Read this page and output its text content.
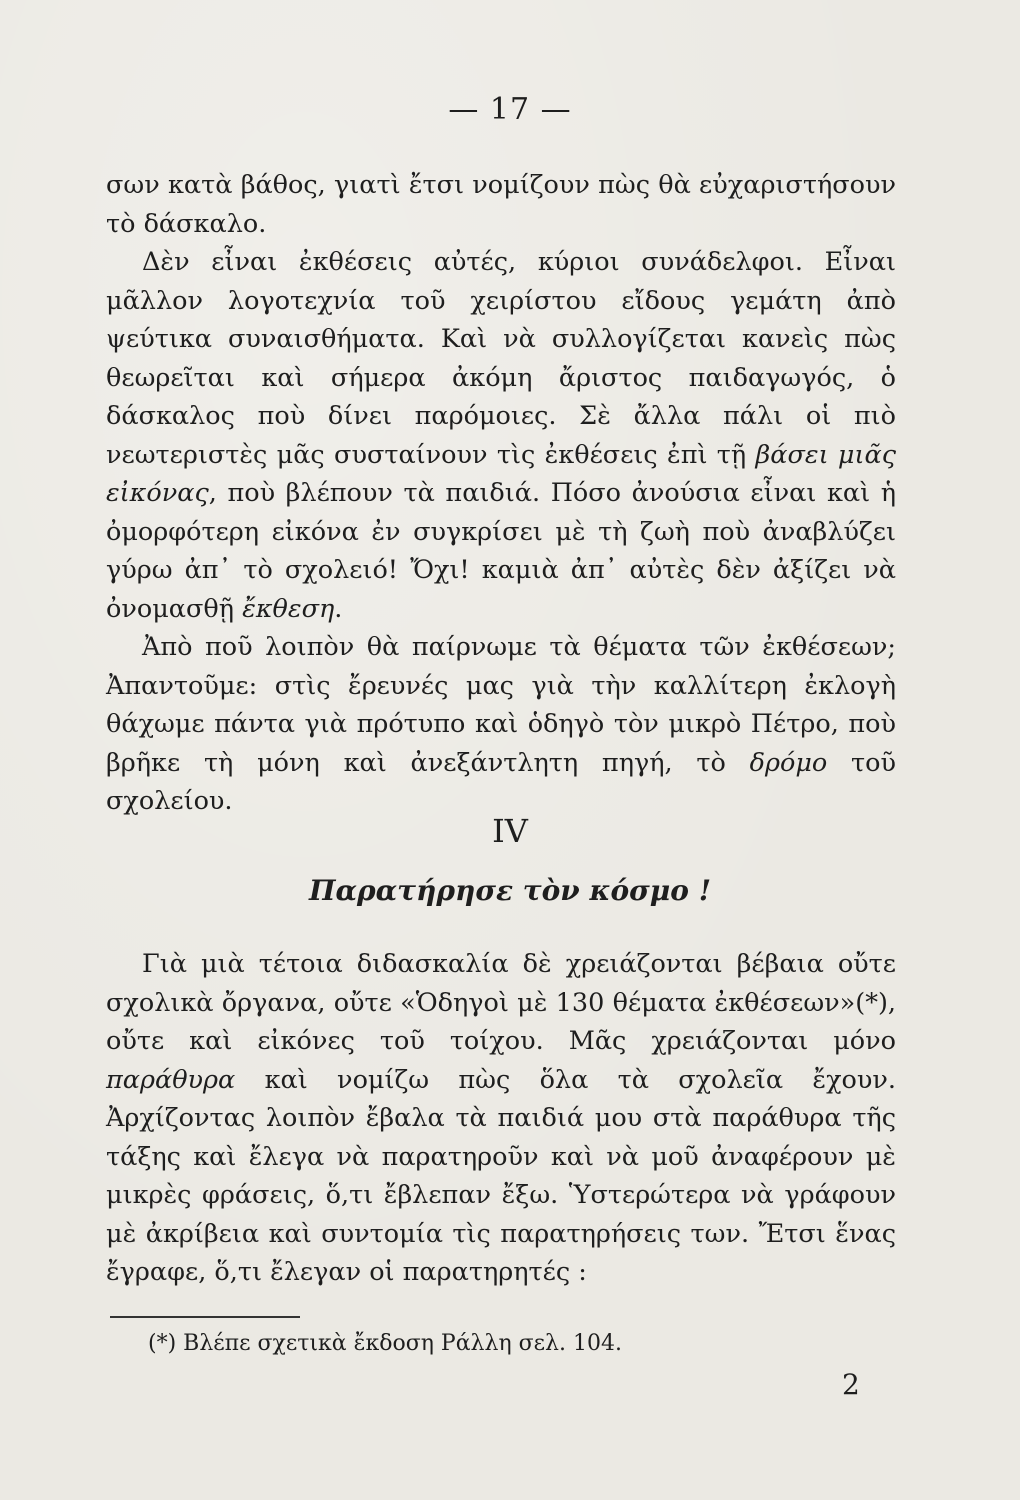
— 17 —

σων κατὰ βάθος, γιατὶ ἔτσι νομίζουν πὼς θὰ εὐχαριστήσουν τὸ δάσκαλο.

Δὲν εἶναι ἐκθέσεις αὐτές, κύριοι συνάδελφοι. Εἶναι μᾶλλον λογοτεχνία τοῦ χειρίστου εἴδους γεμάτη ἀπὸ ψεύτικα συναισθήματα. Καὶ νὰ συλλογίζεται κανεὶς πὼς θεωρεῖται καὶ σήμερα ἀκόμη ἄριστος παιδαγωγός, ὁ δάσκαλος ποὺ δίνει παρόμοιες. Σὲ ἄλλα πάλι οἱ πιὸ νεωτεριστὲς μᾶς συσταίνουν τὶς ἐκθέσεις ἐπὶ τῇ βάσει μιᾶς εἰκόνας, ποὺ βλέπουν τὰ παιδιά. Πόσο ἀνούσια εἶναι καὶ ἡ ὀμορφότερη εἰκόνα ἐν συγκρίσει μὲ τὴ ζωὴ ποὺ ἀναβλύζει γύρω ἀπ᾿ τὸ σχολειό! Ὄχι! καμιὰ ἀπ᾿ αὐτὲς δὲν ἀξίζει νὰ ὀνομασθῇ ἔκθεση.

Ἀπὸ ποῦ λοιπὸν θὰ παίρνωμε τὰ θέματα τῶν ἐκθέσεων; Ἀπαντοῦμε: στὶς ἔρευνές μας γιὰ τὴν καλλίτερη ἐκλογὴ θάχωμε πάντα γιὰ πρότυπο καὶ ὁδηγὸ τὸν μικρὸ Πέτρο, ποὺ βρῆκε τὴ μόνη καὶ ἀνεξάντλητη πηγή, τὸ δρόμο τοῦ σχολείου.

IV
Παρατήρησε τὸν κόσμο !

Γιὰ μιὰ τέτοια διδασκαλία δὲ χρειάζονται βέβαια οὔτε σχολικὰ ὄργανα, οὔτε «Ὁδηγοὶ μὲ 130 θέματα ἐκθέσεων»(*), οὔτε καὶ εἰκόνες τοῦ τοίχου. Μᾶς χρειάζονται μόνο παράθυρα καὶ νομίζω πὼς ὅλα τὰ σχολεῖα ἔχουν. Ἀρχίζοντας λοιπὸν ἔβαλα τὰ παιδιά μου στὰ παράθυρα τῆς τάξης καὶ ἔλεγα νὰ παρατηροῦν καὶ νὰ μοῦ ἀναφέρουν μὲ μικρὲς φράσεις, ὅ,τι ἔβλεπαν ἔξω. Ὑστερώτερα νὰ γράφουν μὲ ἀκρίβεια καὶ συντομία τὶς παρατηρήσεις των. Ἔτσι ἕνας ἔγραφε, ὅ,τι ἔλεγαν οἱ παρατηρητές :

(*) Βλέπε σχετικὰ ἔκδοση Ράλλη σελ. 104.
2
